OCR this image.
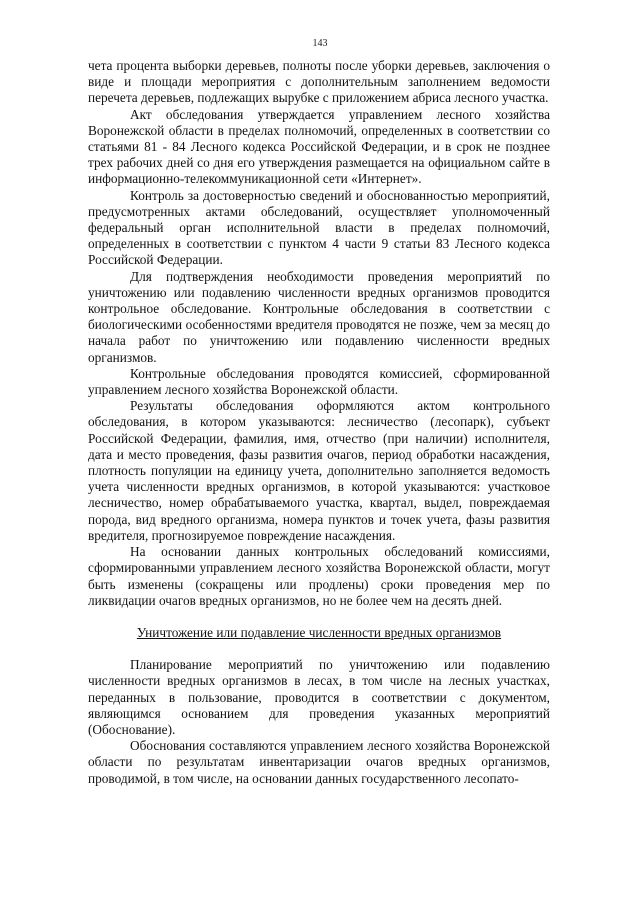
143

чета процента выборки деревьев, полноты после уборки деревьев, заключения о виде и площади мероприятия с дополнительным заполнением ведомости перечета деревьев, подлежащих вырубке с приложением абриса лесного участка.

Акт обследования утверждается управлением лесного хозяйства Воронежской области в пределах полномочий, определенных в соответствии со статьями 81 - 84 Лесного кодекса Российской Федерации, и в срок не позднее трех рабочих дней со дня его утверждения размещается на официальном сайте в информационно-телекоммуникационной сети «Интернет».

Контроль за достоверностью сведений и обоснованностью мероприятий, предусмотренных актами обследований, осуществляет уполномоченный федеральный орган исполнительной власти в пределах полномочий, определенных в соответствии с пунктом 4 части 9 статьи 83 Лесного кодекса Российской Федерации.

Для подтверждения необходимости проведения мероприятий по уничтожению или подавлению численности вредных организмов проводится контрольное обследование. Контрольные обследования в соответствии с биологическими особенностями вредителя проводятся не позже, чем за месяц до начала работ по уничтожению или подавлению численности вредных организмов.

Контрольные обследования проводятся комиссией, сформированной управлением лесного хозяйства Воронежской области.

Результаты обследования оформляются актом контрольного обследования, в котором указываются: лесничество (лесопарк), субъект Российской Федерации, фамилия, имя, отчество (при наличии) исполнителя, дата и место проведения, фазы развития очагов, период обработки насаждения, плотность популяции на единицу учета, дополнительно заполняется ведомость учета численности вредных организмов, в которой указываются: участковое лесничество, номер обрабатываемого участка, квартал, выдел, повреждаемая порода, вид вредного организма, номера пунктов и точек учета, фазы развития вредителя, прогнозируемое повреждение насаждения.

На основании данных контрольных обследований комиссиями, сформированными управлением лесного хозяйства Воронежской области, могут быть изменены (сокращены или продлены) сроки проведения мер по ликвидации очагов вредных организмов, но не более чем на десять дней.

Уничтожение или подавление численности вредных организмов

Планирование мероприятий по уничтожению или подавлению численности вредных организмов в лесах, в том числе на лесных участках, переданных в пользование, проводится в соответствии с документом, являющимся основанием для проведения указанных мероприятий (Обоснование).

Обоснования составляются управлением лесного хозяйства Воронежской области по результатам инвентаризации очагов вредных организмов, проводимой, в том числе, на основании данных государственного лесопато-
